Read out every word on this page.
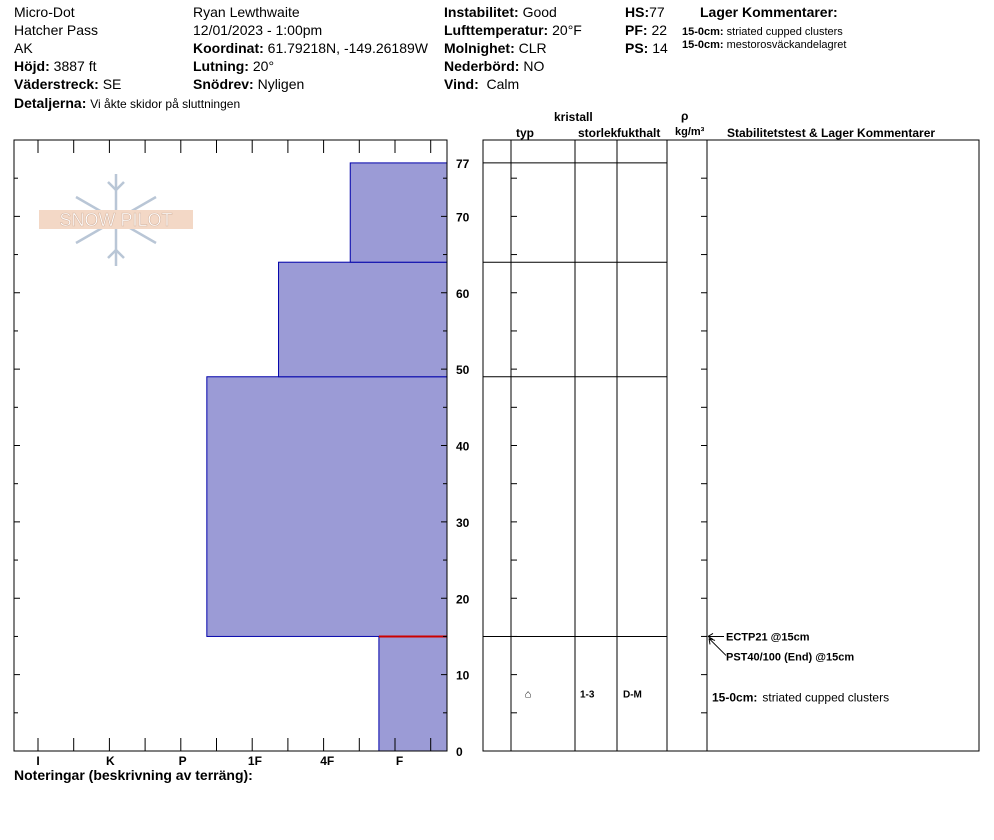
Micro-Dot
Hatcher Pass
AK
Höjd: 3887 ft
Väderstreck: SE
Detaljerna: Vi åkte skidor på sluttningen
Ryan Lewthwaite
12/01/2023 - 1:00pm
Koordinat: 61.79218N, -149.26189W
Lutning: 20°
Snödrev: Nyligen
Instabilitet: Good
Lufttemperatur: 20°F
Molnighet: CLR
Nederbörd: NO
Vind: Calm
HS:77
PF: 22
PS: 14
Lager Kommentarer:
15-0cm: striated cupped clusters
15-0cm: mestorosväckandelagret
kristall
typ	storlek fukthalt
ρ
kg/m³ Stabilitetstest & Lager Kommentarer
SNOW PILOT
0
10
20
30
40
50
60
70
77
I	K	P	1F	4F	F
⌂	1-3	D-M
ECTP21 @15cm
PST40/100 (End) @15cm
15-0cm: striated cupped clusters
Noteringar (beskrivning av terräng):
